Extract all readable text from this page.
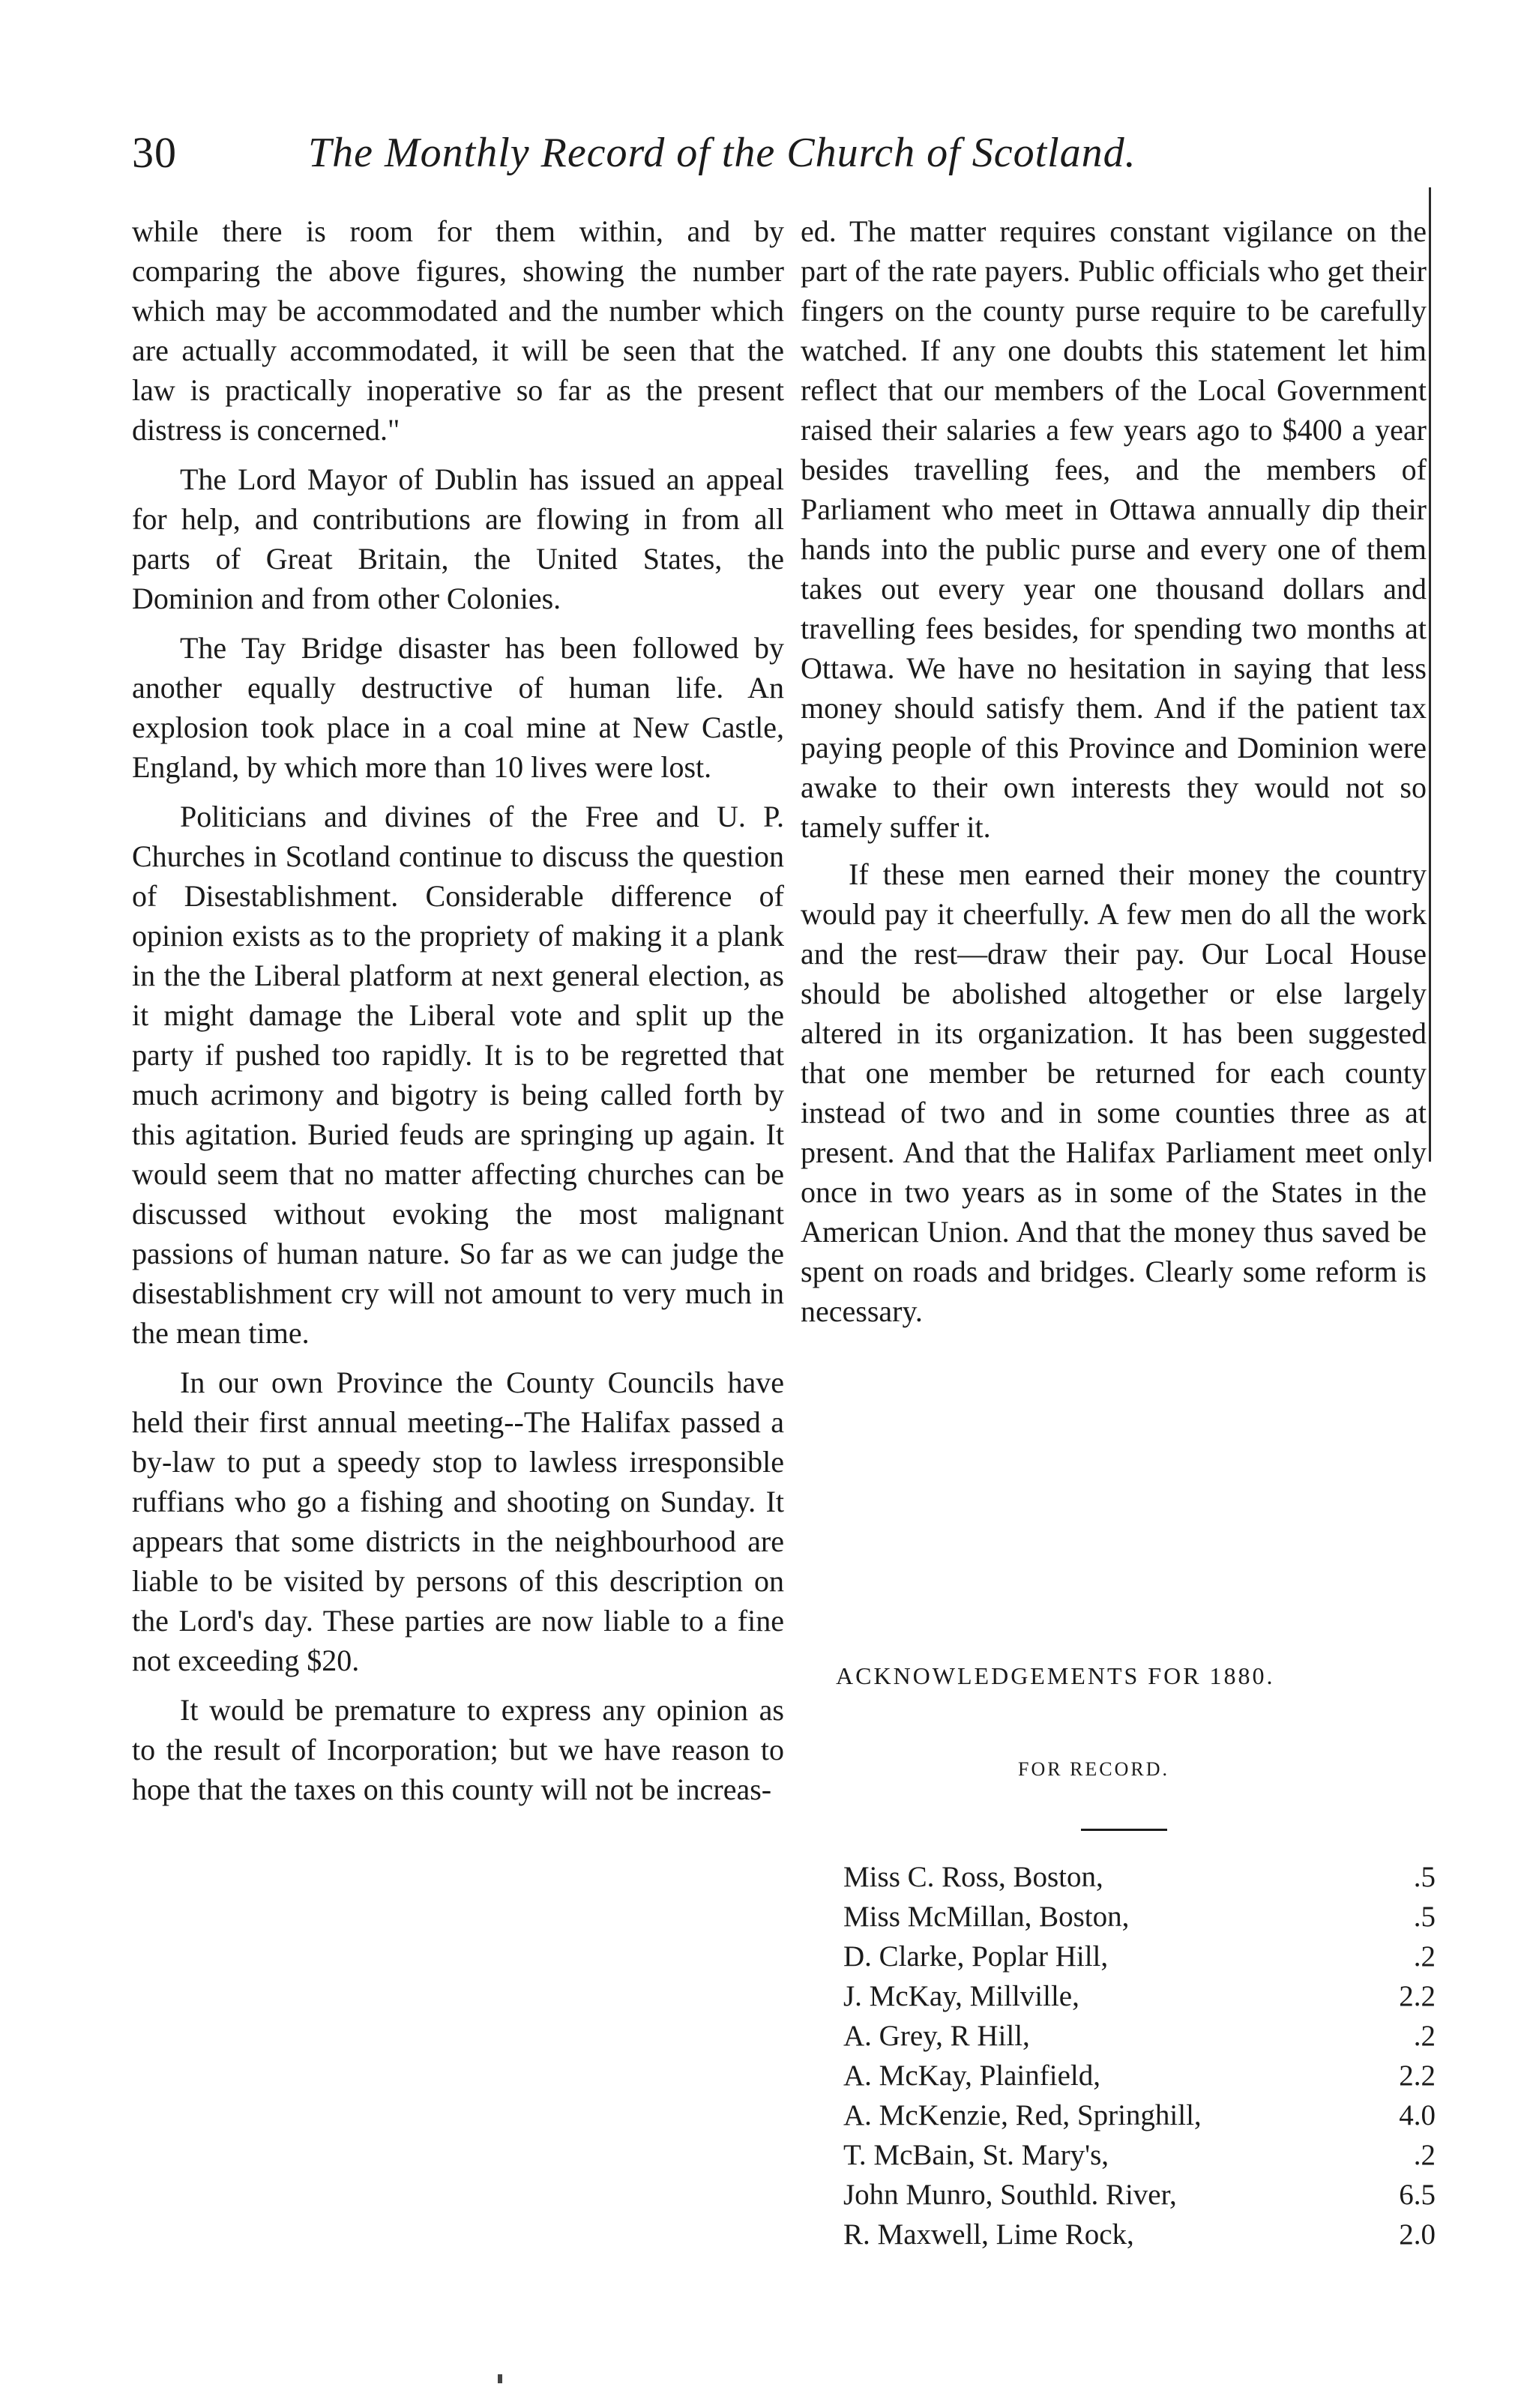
30	The Monthly Record of the Church of Scotland.

while there is room for them within, and by comparing the above figures, showing the number which may be accommodated and the number which are actually accommodated, it will be seen that the law is practically inoperative so far as the present distress is concerned."

The Lord Mayor of Dublin has issued an appeal for help, and contributions are flowing in from all parts of Great Britain, the United States, the Dominion and from other Colonies.

The Tay Bridge disaster has been followed by another equally destructive of human life. An explosion took place in a coal mine at New Castle, England, by which more than 10 lives were lost.

Politicians and divines of the Free and U. P. Churches in Scotland continue to discuss the question of Disestablishment. Considerable difference of opinion exists as to the propriety of making it a plank in the the Liberal platform at next general election, as it might damage the Liberal vote and split up the party if pushed too rapidly. It is to be regretted that much acrimony and bigotry is being called forth by this agitation. Buried feuds are springing up again. It would seem that no matter affecting churches can be discussed without evoking the most malignant passions of human nature. So far as we can judge the disestablishment cry will not amount to very much in the mean time.

In our own Province the County Councils have held their first annual meeting--The Halifax passed a by-law to put a speedy stop to lawless irresponsible ruffians who go a fishing and shooting on Sunday. It appears that some districts in the neighbourhood are liable to be visited by persons of this description on the Lord's day. These parties are now liable to a fine not exceeding $20.

It would be premature to express any opinion as to the result of Incorporation; but we have reason to hope that the taxes on this county will not be increas-

ed. The matter requires constant vigilance on the part of the rate payers. Public officials who get their fingers on the county purse require to be carefully watched. If any one doubts this statement let him reflect that our members of the Local Government raised their salaries a few years ago to $400 a year besides travelling fees, and the members of Parliament who meet in Ottawa annually dip their hands into the public purse and every one of them takes out every year one thousand dollars and travelling fees besides, for spending two months at Ottawa. We have no hesitation in saying that less money should satisfy them. And if the patient tax paying people of this Province and Dominion were awake to their own interests they would not so tamely suffer it.

If these men earned their money the country would pay it cheerfully. A few men do all the work and the rest—draw their pay. Our Local House should be abolished altogether or else largely altered in its organization. It has been suggested that one member be returned for each county instead of two and in some counties three as at present. And that the Halifax Parliament meet only once in two years as in some of the States in the American Union. And that the money thus saved be spent on roads and bridges. Clearly some reform is necessary.

ACKNOWLEDGEMENTS FOR 1880.
FOR RECORD.
Miss C. Ross, Boston,	.5
Miss McMillan, Boston,	.5
D. Clarke, Poplar Hill,	.2
J. McKay, Millville,	2.2
A. Grey, R Hill,	.2
A. McKay, Plainfield,	2.2
A. McKenzie, Red, Springhill,	4.0
T. McBain, St. Mary's,	.2
John Munro, Southld. River,	6.5
R. Maxwell, Lime Rock,	2.0
